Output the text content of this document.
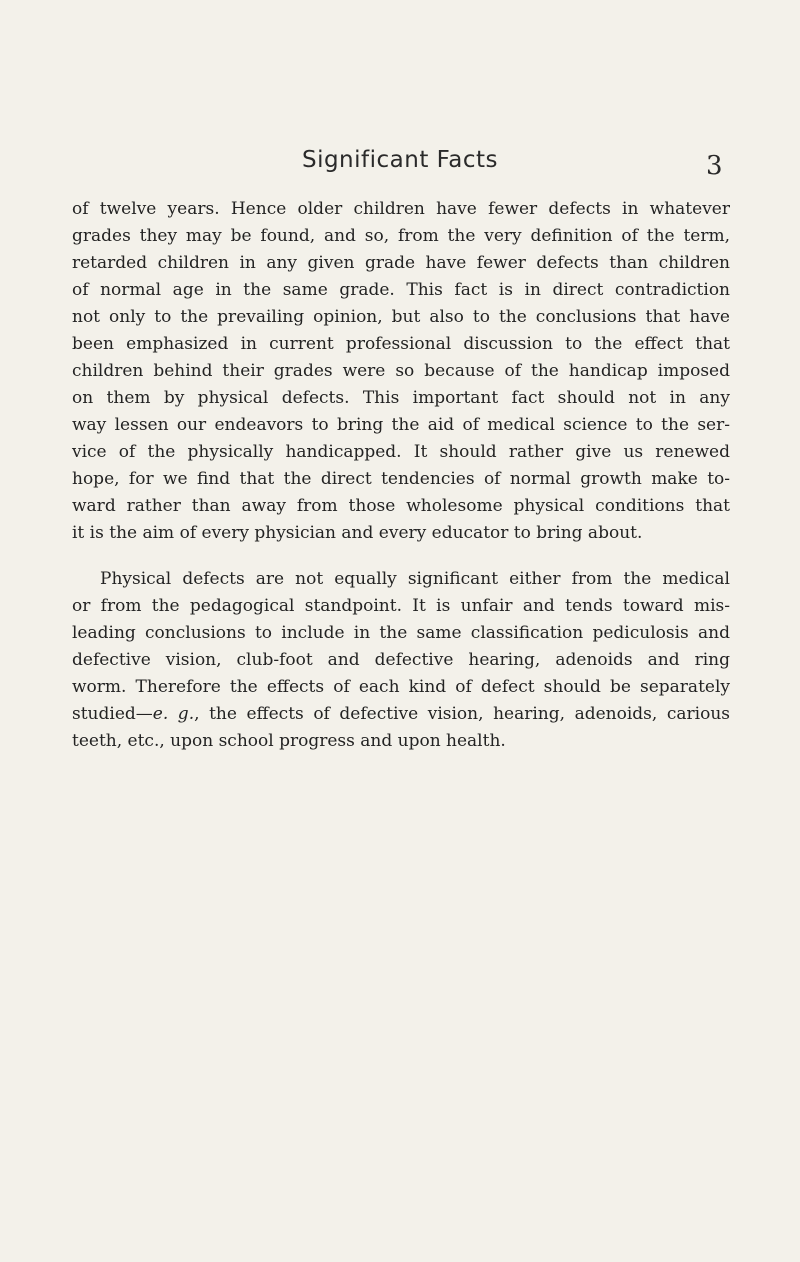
Significant Facts	3
of twelve years. Hence older children have fewer defects in whatever
grades they may be found, and so, from the very definition of the term,
retarded children in any given grade have fewer defects than children
of normal age in the same grade. This fact is in direct contradiction
not only to the prevailing opinion, but also to the conclusions that have
been emphasized in current professional discussion to the effect that
children behind their grades were so because of the handicap imposed
on them by physical defects. This important fact should not in any
way lessen our endeavors to bring the aid of medical science to the ser-
vice of the physically handicapped. It should rather give us renewed
hope, for we find that the direct tendencies of normal growth make to-
ward rather than away from those wholesome physical conditions that
it is the aim of every physician and every educator to bring about.
Physical defects are not equally significant either from the medical
or from the pedagogical standpoint. It is unfair and tends toward mis-
leading conclusions to include in the same classification pediculosis and
defective vision, club-foot and defective hearing, adenoids and ring
worm. Therefore the effects of each kind of defect should be separately
studied—e. g., the effects of defective vision, hearing, adenoids, carious
teeth, etc., upon school progress and upon health.
